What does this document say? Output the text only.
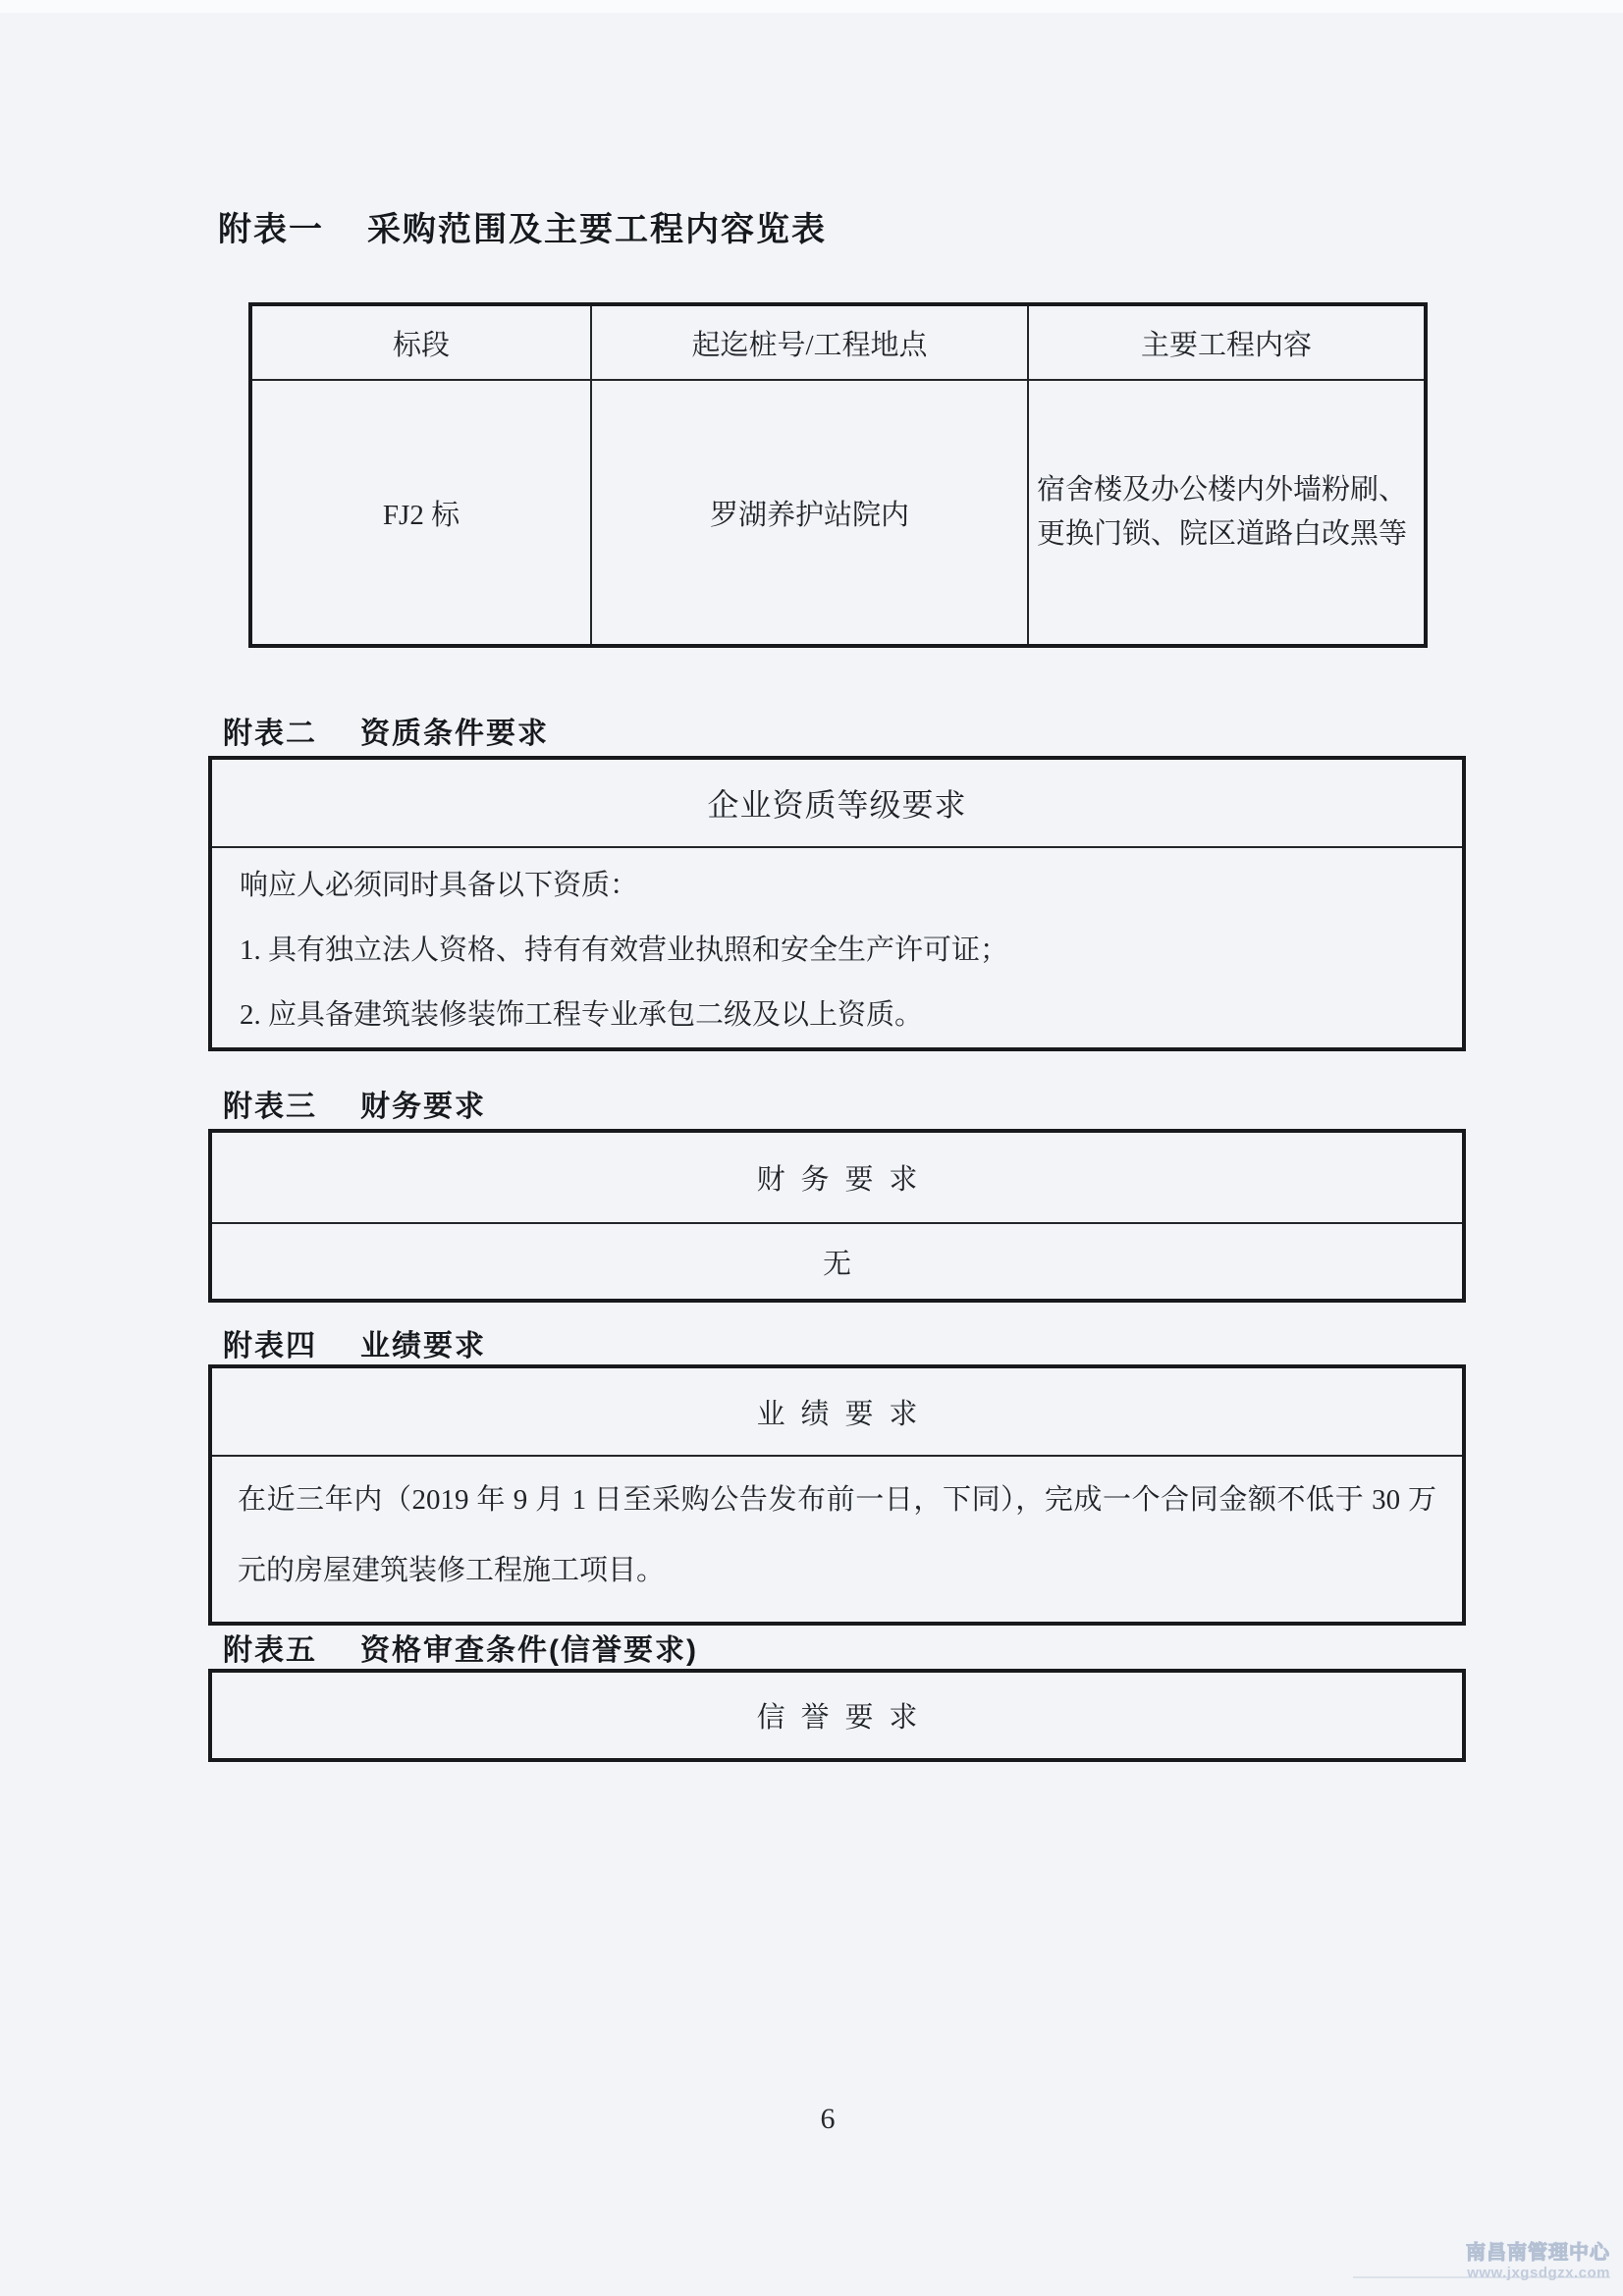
附表一 采购范围及主要工程内容览表
标段	起迄桩号/工程地点	主要工程内容
FJ2 标	罗湖养护站院内	宿舍楼及办公楼内外墙粉刷、更换门锁、院区道路白改黑等
附表二 资质条件要求
企业资质等级要求

响应人必须同时具备以下资质：
1. 具有独立法人资格、持有有效营业执照和安全生产许可证；
2. 应具备建筑装修装饰工程专业承包二级及以上资质。
附表三 财务要求
财务要求
无
附表四 业绩要求
业绩要求
在近三年内（2019 年 9 月 1 日至采购公告发布前一日，下同），完成一个合同金额不低于 30 万元的房屋建筑装修工程施工项目。
附表五 资格审查条件(信誉要求)
信誉要求
6
南昌南管理中心
www.jxgsdgzx.com
